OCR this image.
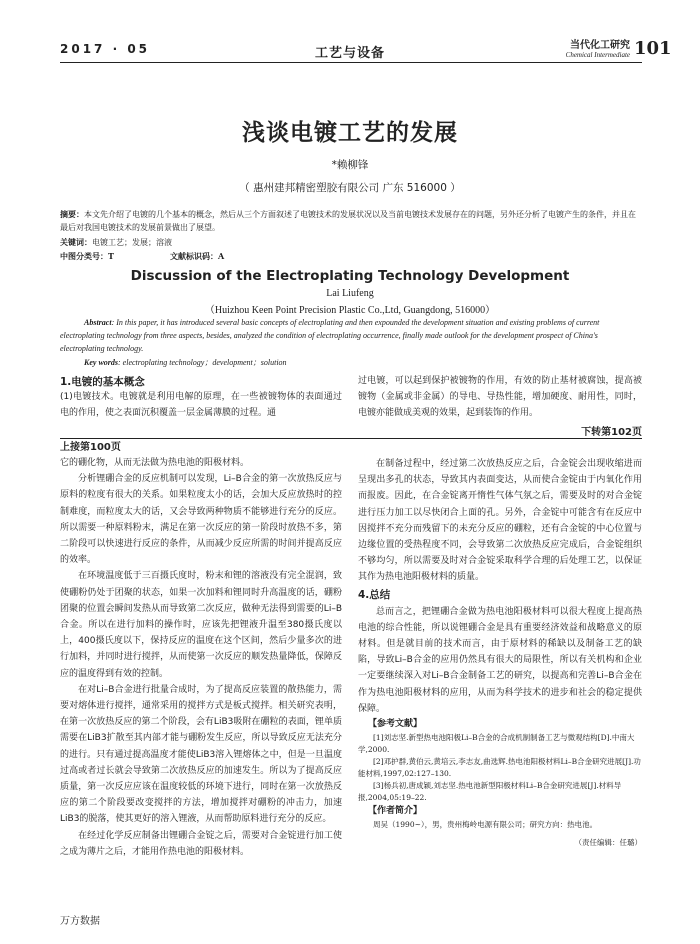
2017 · 05	工艺与设备
当代化工研究
Chemical Intermediate 101
浅谈电镀工艺的发展
*赖柳锋
（ 惠州建邦精密塑胶有限公司 广东 516000 ）
摘要：本文先介绍了电镀的几个基本的概念，然后从三个方面叙述了电镀技术的发展状况以及当前电镀技术发展存在的问题，另外还分析了电镀产生的条件，并且在最后对我国电镀技术的发展前景做出了展望。
关键词：电镀工艺；发展；溶液
中图分类号：T	文献标识码：A
Discussion of the Electroplating Technology Development
Lai Liufeng
（Huizhou Keen Point Precision Plastic Co.,Ltd, Guangdong, 516000）
Abstract: In this paper, it has introduced several basic concepts of electroplating and then expounded the development situation and existing problems of current electroplating technology from three aspects, besides, analyzed the condition of electroplating occurrence, finally made outlook for the development prospect of China's electroplating technology.
Key words: electroplating technology；development；solution
1.电镀的基本概念
(1)电镀技术。电镀就是利用电解的原理，在一些被镀物体的表面通过电的作用，使之表面沉积覆盖一层金属薄膜的过程。通
过电镀，可以起到保护被镀物的作用，有效的防止基材被腐蚀，提高被镀物（金属或非金属）的导电、导热性能，增加硬度、耐用性，同时，电镀亦能做成美观的效果，起到装饰的作用。
下转第102页
上接第100页
它的硼化物，从而无法做为热电池的阳极材料。
分析锂硼合金的反应机制可以发现，Li–B合金的第一次放热反应与原料的粒度有很大的关系。如果粒度太小的话，会加大反应放热时的控制难度，而粒度太大的话，又会导致两种物质不能够进行充分的反应。所以需要一种原料粉末，满足在第一次反应的第一阶段时放热不多，第二阶段可以快速进行反应的条件，从而减少反应所需的时间并提高反应的效率。
在环境温度低于三百摄氏度时，粉末和锂的溶液没有完全混润，致使硼粉仍处于团聚的状态，如果一次加料和锂同时升高温度的话，硼粉团聚的位置会瞬间发热从而导致第二次反应，做种无法得到需要的Li–B合金。所以在进行加料的操作时，应该先把锂液升温至380摄氏度以上，400摄氏度以下，保持反应的温度在这个区间，然后少量多次的进行加料，并同时进行搅拌，从而使第一次反应的顺发热量降低，保障反应的温度得到有效的控制。
在对Li–B合金进行批量合成时，为了提高反应装置的散热能力，需要对熔体进行搅拌，通常采用的搅拌方式是板式搅拌。相关研究表明，在第一次放热反应的第二个阶段，会有LiB3吸附在硼粒的表面，锂单质需要在LiB3扩散至其内部才能与硼粉发生反应，所以导致反应无法充分的进行。只有通过提高温度才能使LiB3溶入锂熔体之中，但是一旦温度过高或者过长就会导致第二次放热反应的加速发生。所以为了提高反应质量，第一次反应应该在温度较低的环境下进行，同时在第一次放热反应的第二个阶段要改变搅拌的方法，增加搅拌对硼粉的冲击力，加速LiB3的脱落，使其更好的溶入锂液，从而帮助原料进行充分的反应。
在经过化学反应制备出锂硼合金锭之后，需要对合金锭进行加工使之成为薄片之后，才能用作热电池的阳极材料。
在制备过程中，经过第二次放热反应之后，合金锭会出现收缩进而呈现出多孔的状态，导致其内表面变达，从而使合金锭由于内氧化作用而报废。因此，在合金锭离开惰性气体气氛之后，需要及时的对合金锭进行压力加工以尽快闭合上面的孔。另外，合金锭中可能含有在反应中因搅拌不充分而残留下的未充分反应的硼粒，还有合金锭的中心位置与边缘位置的受热程度不同，会导致第二次放热反应完成后，合金锭组织不够均匀，所以需要及时对合金锭采取科学合理的后处理工艺，以保证其作为热电池阳极材料的质量。
4.总结
总而言之，把锂硼合金做为热电池阳极材料可以很大程度上提高热电池的综合性能，所以说锂硼合金是具有重要经济效益和战略意义的原材料。但是就目前的技术而言，由于原材料的稀缺以及制备工艺的缺陷，导致Li–B合金的应用仍然具有很大的局限性，所以有关机构和企业一定要继续深入对Li–B合金制备工艺的研究，以提高和完善Li–B合金在作为热电池阳极材料的应用，从而为科学技术的进步和社会的稳定提供保障。
【参考文献】
[1]刘志坚.新型热电池阳极Li–B合金的合成机制制备工艺与微观结构[D].中南大学,2000.
[2]邓护群,黄伯云,黄培云,李志友,曲选辉.热电池阳极材料Li–B合金研究进展[J].功能材料,1997,02:127–130.
[3]杨兵初,唐成颖,刘志坚.热电池新型阳极材料Li–B合金研究进展[J].材料导报,2004,05:19–22.
【作者简介】
周吴（1990~），男，贵州梅岭电源有限公司；研究方向：热电池。
（责任编辑：任璐）
万方数据
